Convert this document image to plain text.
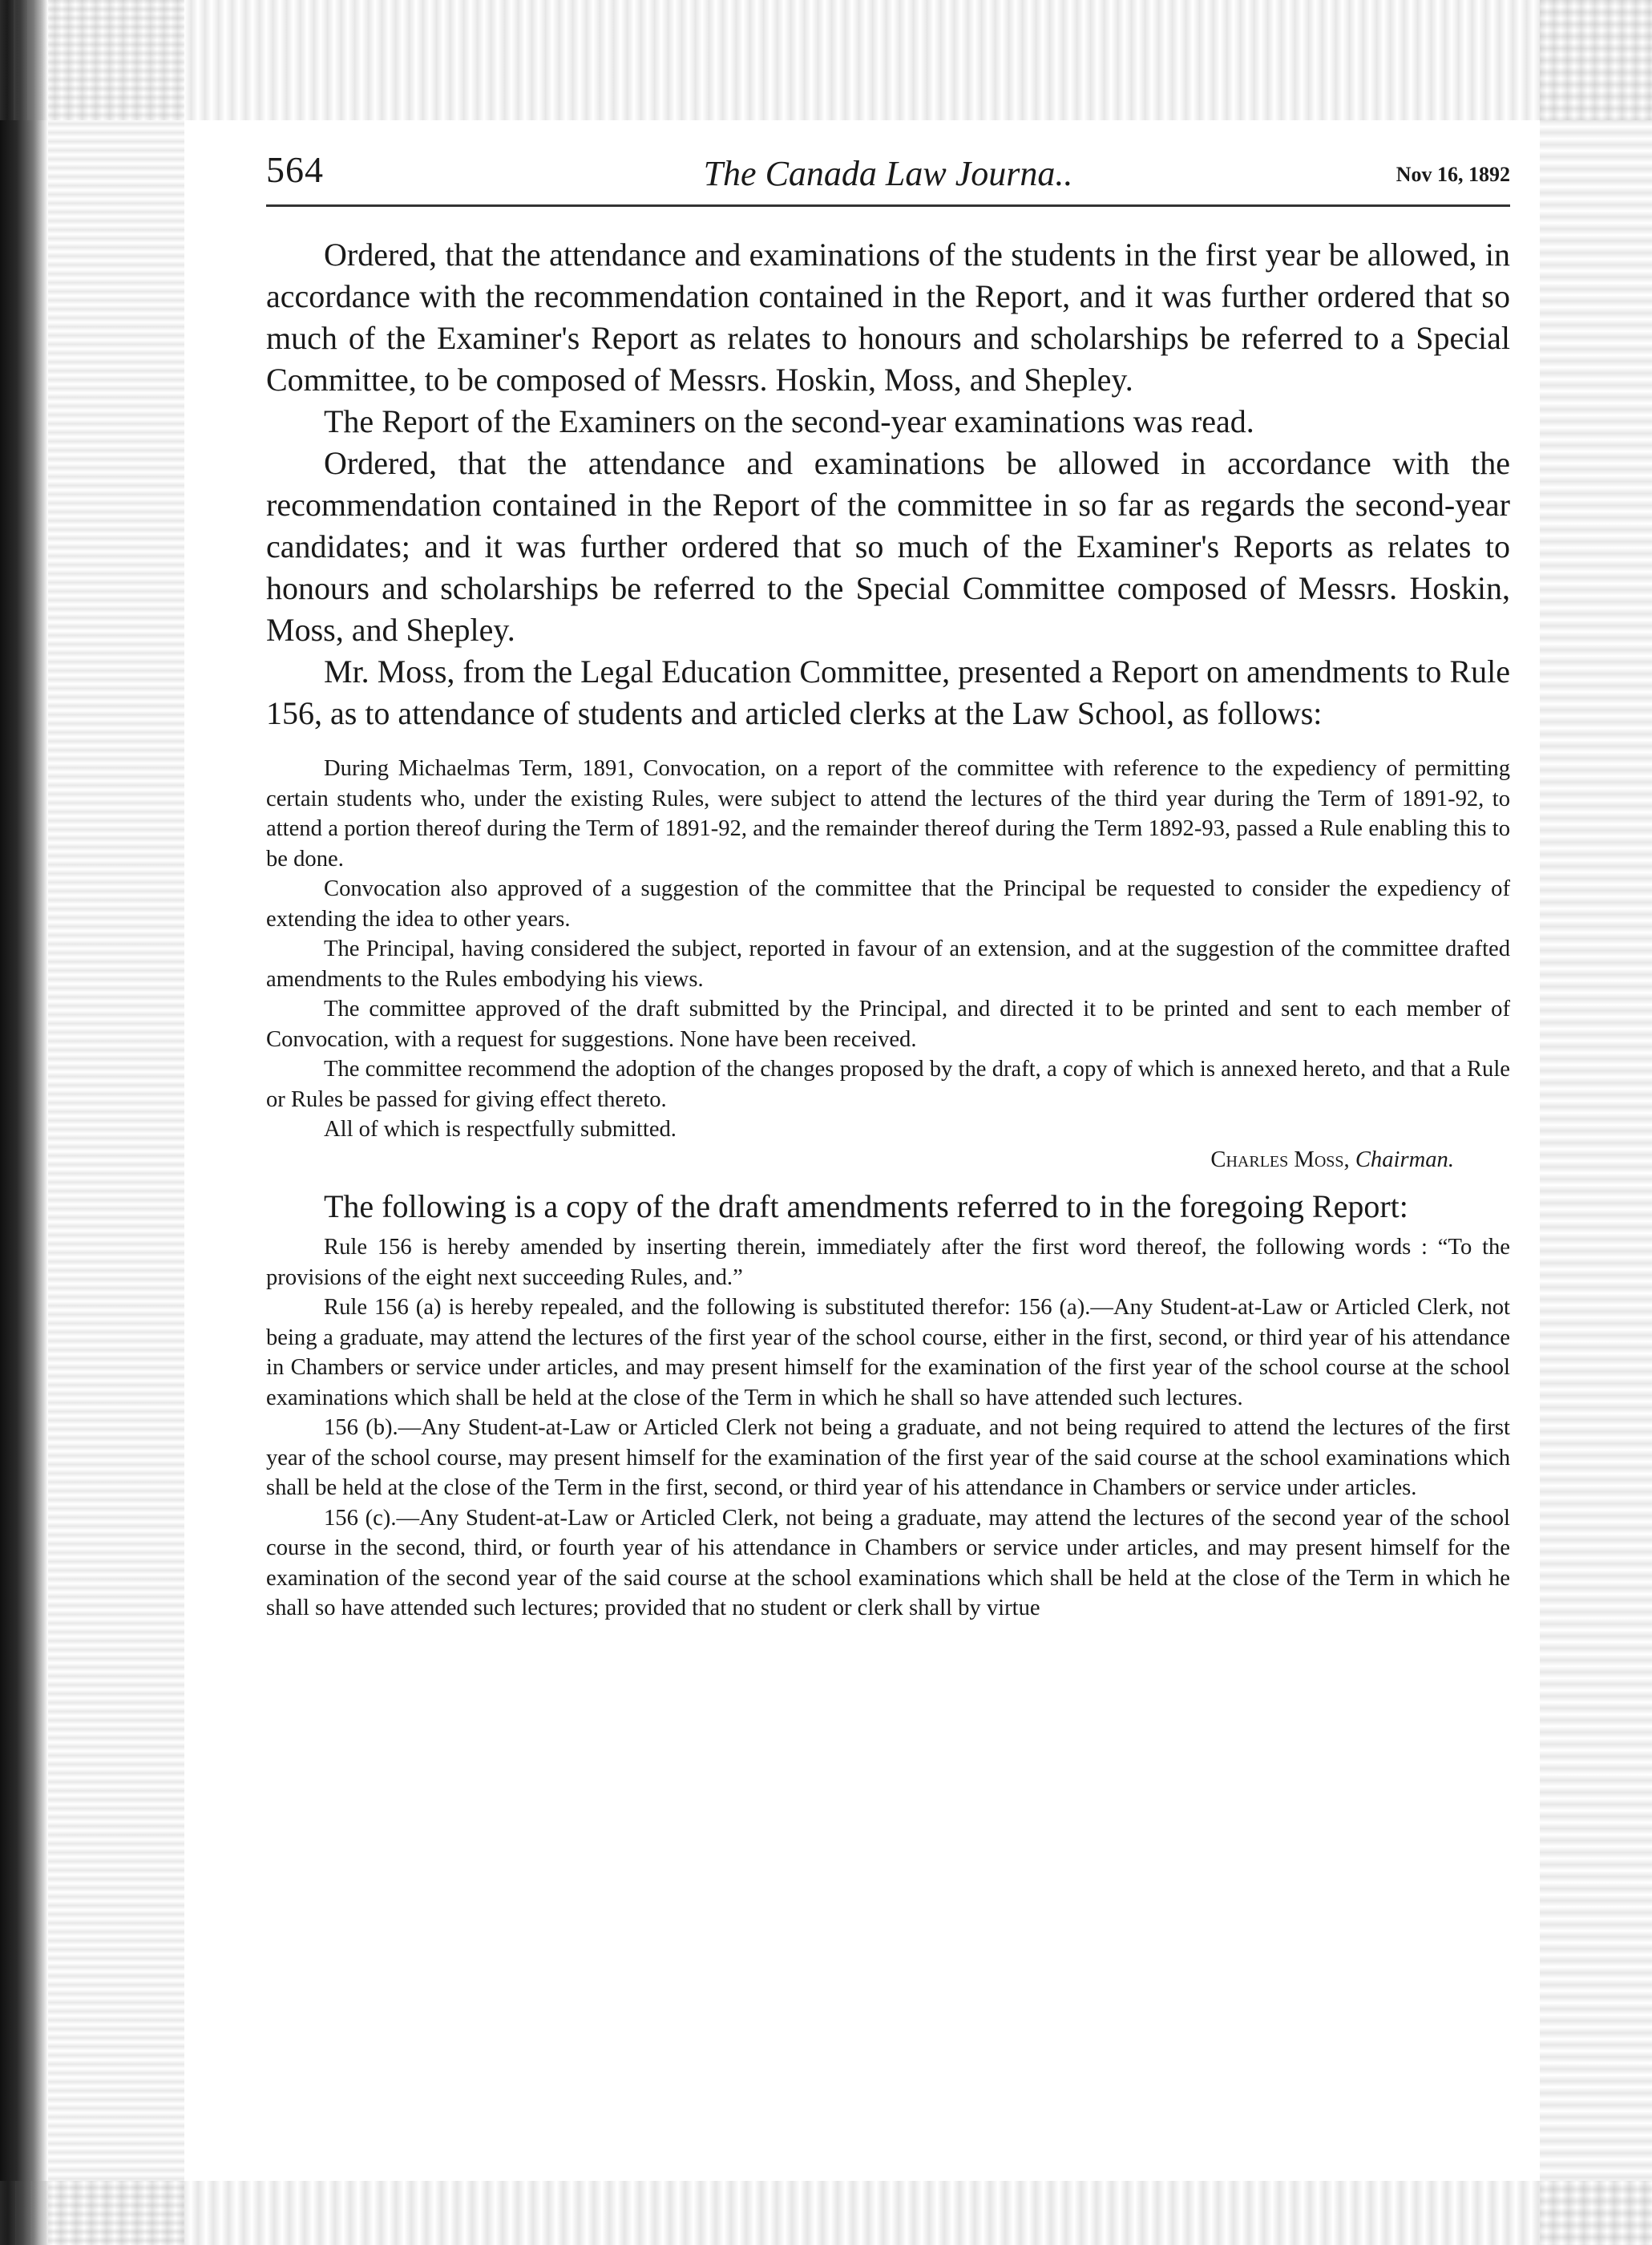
564	The Canada Law Journa..	Nov 16, 1892

Ordered, that the attendance and examinations of the students in the first year be allowed, in accordance with the recommendation contained in the Report, and it was further ordered that so much of the Examiner's Report as relates to honours and scholarships be referred to a Special Committee, to be composed of Messrs. Hoskin, Moss, and Shepley.

The Report of the Examiners on the second-year examinations was read.

Ordered, that the attendance and examinations be allowed in accordance with the recommendation contained in the Report of the committee in so far as regards the second-year candidates; and it was further ordered that so much of the Examiner's Reports as relates to honours and scholarships be referred to the Special Committee composed of Messrs. Hoskin, Moss, and Shepley.

Mr. Moss, from the Legal Education Committee, presented a Report on amendments to Rule 156, as to attendance of students and articled clerks at the Law School, as follows:

During Michaelmas Term, 1891, Convocation, on a report of the committee with reference to the expediency of permitting certain students who, under the existing Rules, were subject to attend the lectures of the third year during the Term of 1891-92, to attend a portion thereof during the Term of 1891-92, and the remainder thereof during the Term 1892-93, passed a Rule enabling this to be done.

Convocation also approved of a suggestion of the committee that the Principal be requested to consider the expediency of extending the idea to other years.

The Principal, having considered the subject, reported in favour of an extension, and at the suggestion of the committee drafted amendments to the Rules embodying his views.

The committee approved of the draft submitted by the Principal, and directed it to be printed and sent to each member of Convocation, with a request for suggestions. None have been received.

The committee recommend the adoption of the changes proposed by the draft, a copy of which is annexed hereto, and that a Rule or Rules be passed for giving effect thereto.

All of which is respectfully submitted.

Charles Moss, Chairman.

The following is a copy of the draft amendments referred to in the foregoing Report:

Rule 156 is hereby amended by inserting therein, immediately after the first word thereof, the following words : “To the provisions of the eight next succeeding Rules, and.”

Rule 156 (a) is hereby repealed, and the following is substituted therefor: 156 (a).—Any Student-at-Law or Articled Clerk, not being a graduate, may attend the lectures of the first year of the school course, either in the first, second, or third year of his attendance in Chambers or service under articles, and may present himself for the examination of the first year of the school course at the school examinations which shall be held at the close of the Term in which he shall so have attended such lectures.

156 (b).—Any Student-at-Law or Articled Clerk not being a graduate, and not being required to attend the lectures of the first year of the school course, may present himself for the examination of the first year of the said course at the school examinations which shall be held at the close of the Term in the first, second, or third year of his attendance in Chambers or service under articles.

156 (c).—Any Student-at-Law or Articled Clerk, not being a graduate, may attend the lectures of the second year of the school course in the second, third, or fourth year of his attendance in Chambers or service under articles, and may present himself for the examination of the second year of the said course at the school examinations which shall be held at the close of the Term in which he shall so have attended such lectures; provided that no student or clerk shall by virtue
